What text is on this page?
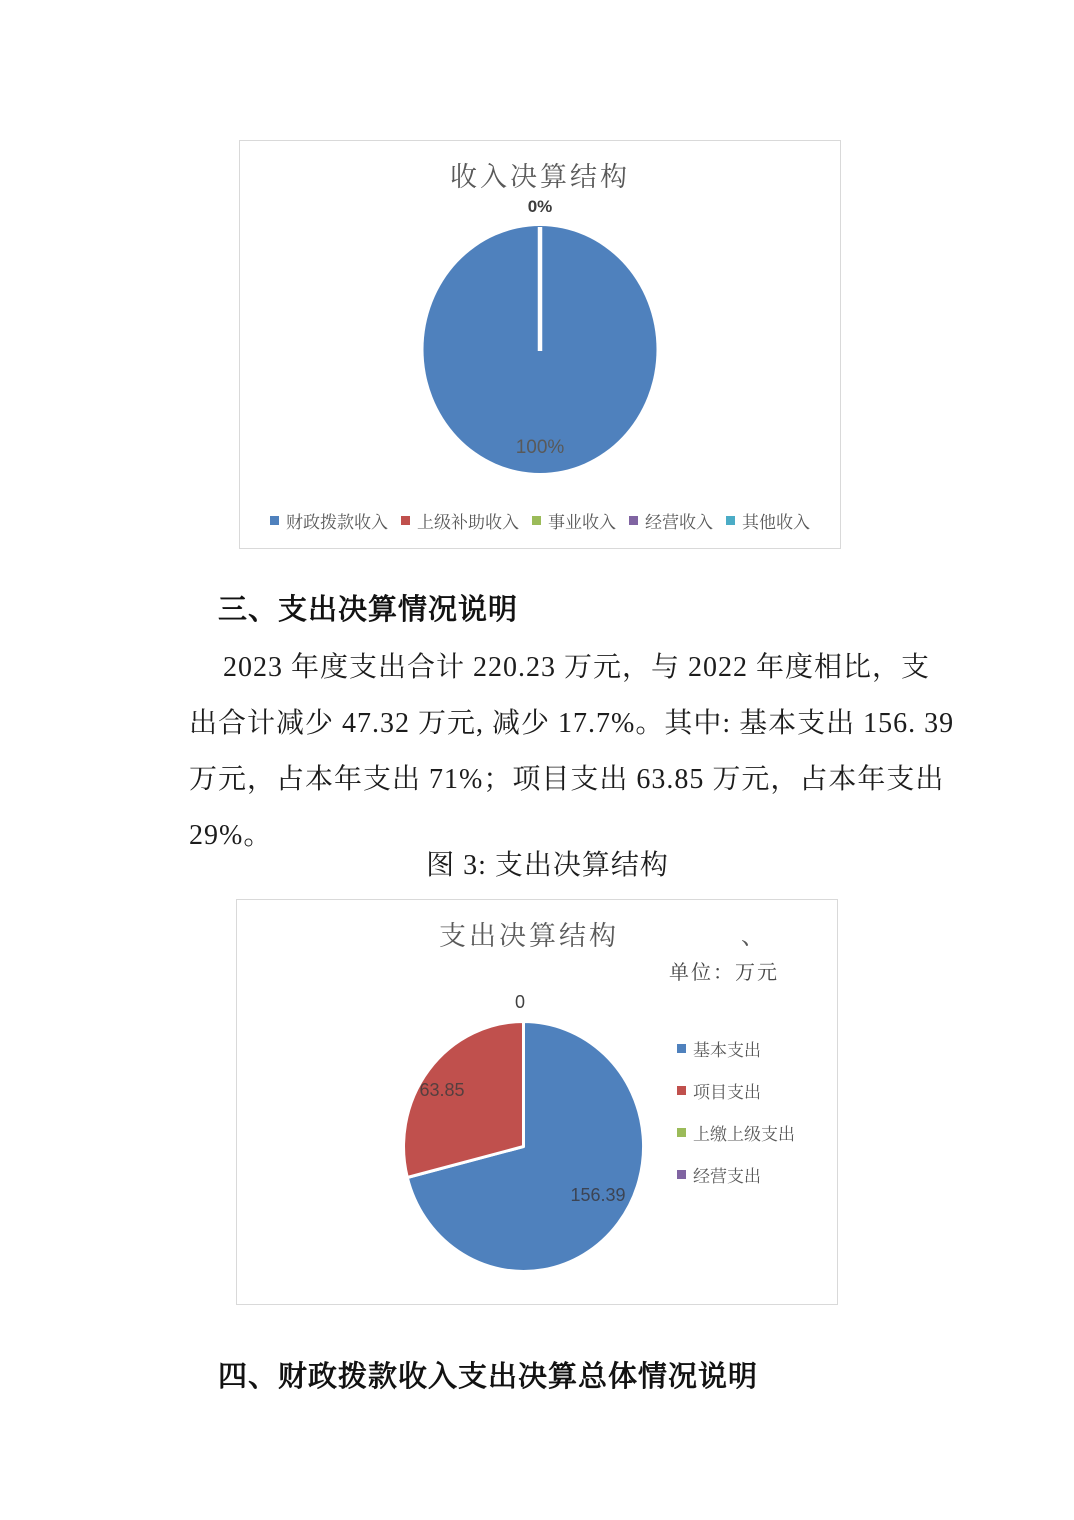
收入决算结构
0%
100%
财政拨款收入 上级补助收入 事业收入 经营收入 其他收入
三、支出决算情况说明

2023 年度支出合计 220.23 万元，与 2022 年度相比，支

出合计减少 47.32 万元, 减少 17.7%。其中: 基本支出 156. 39

万元，占本年支出 71%；项目支出 63.85 万元，占本年支出

29%。

图 3: 支出决算结构
支出决算结构	、
单位：万元
0
63.85
156.39
基本支出
项目支出
上缴上级支出
经营支出
四、财政拨款收入支出决算总体情况说明
